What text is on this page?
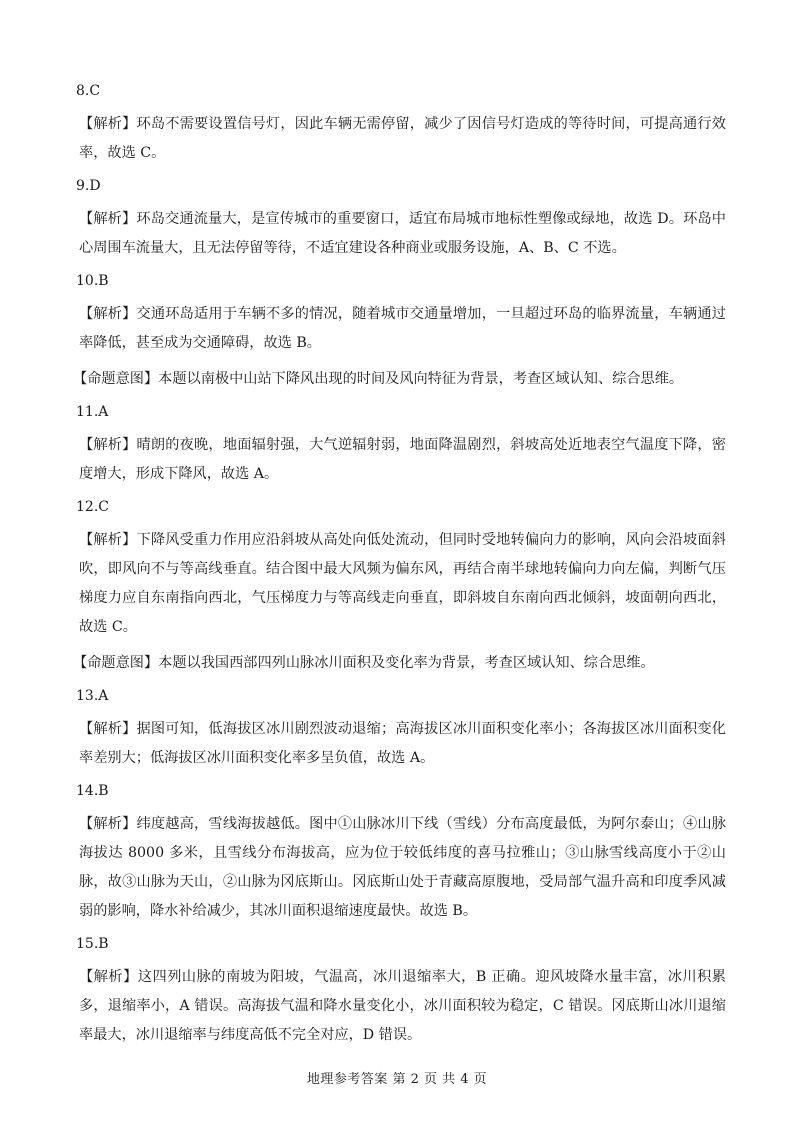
8.C
【解析】环岛不需要设置信号灯，因此车辆无需停留，减少了因信号灯造成的等待时间，可提高通行效率，故选 C。
9.D
【解析】环岛交通流量大，是宣传城市的重要窗口，适宜布局城市地标性塑像或绿地，故选 D。环岛中心周围车流量大，且无法停留等待，不适宜建设各种商业或服务设施，A、B、C 不选。
10.B
【解析】交通环岛适用于车辆不多的情况，随着城市交通量增加，一旦超过环岛的临界流量，车辆通过率降低，甚至成为交通障碍，故选 B。
【命题意图】本题以南极中山站下降风出现的时间及风向特征为背景，考查区域认知、综合思维。
11.A
【解析】晴朗的夜晚，地面辐射强，大气逆辐射弱，地面降温剧烈，斜坡高处近地表空气温度下降，密度增大，形成下降风，故选 A。
12.C
【解析】下降风受重力作用应沿斜坡从高处向低处流动，但同时受地转偏向力的影响，风向会沿坡面斜吹，即风向不与等高线垂直。结合图中最大风频为偏东风，再结合南半球地转偏向力向左偏，判断气压梯度力应自东南指向西北，气压梯度力与等高线走向垂直，即斜坡自东南向西北倾斜，坡面朝向西北，故选 C。
【命题意图】本题以我国西部四列山脉冰川面积及变化率为背景，考查区域认知、综合思维。
13.A
【解析】据图可知，低海拔区冰川剧烈波动退缩；高海拔区冰川面积变化率小；各海拔区冰川面积变化率差别大；低海拔区冰川面积变化率多呈负值，故选 A。
14.B
【解析】纬度越高，雪线海拔越低。图中①山脉冰川下线（雪线）分布高度最低，为阿尔泰山；④山脉海拔达 8000 多米，且雪线分布海拔高，应为位于较低纬度的喜马拉雅山；③山脉雪线高度小于②山脉，故③山脉为天山，②山脉为冈底斯山。冈底斯山处于青藏高原腹地，受局部气温升高和印度季风减弱的影响，降水补给减少，其冰川面积退缩速度最快。故选 B。
15.B
【解析】这四列山脉的南坡为阳坡，气温高，冰川退缩率大，B 正确。迎风坡降水量丰富，冰川积累多，退缩率小，A 错误。高海拔气温和降水量变化小，冰川面积较为稳定，C 错误。冈底斯山冰川退缩率最大，冰川退缩率与纬度高低不完全对应，D 错误。
地理参考答案 第 2 页 共 4 页
